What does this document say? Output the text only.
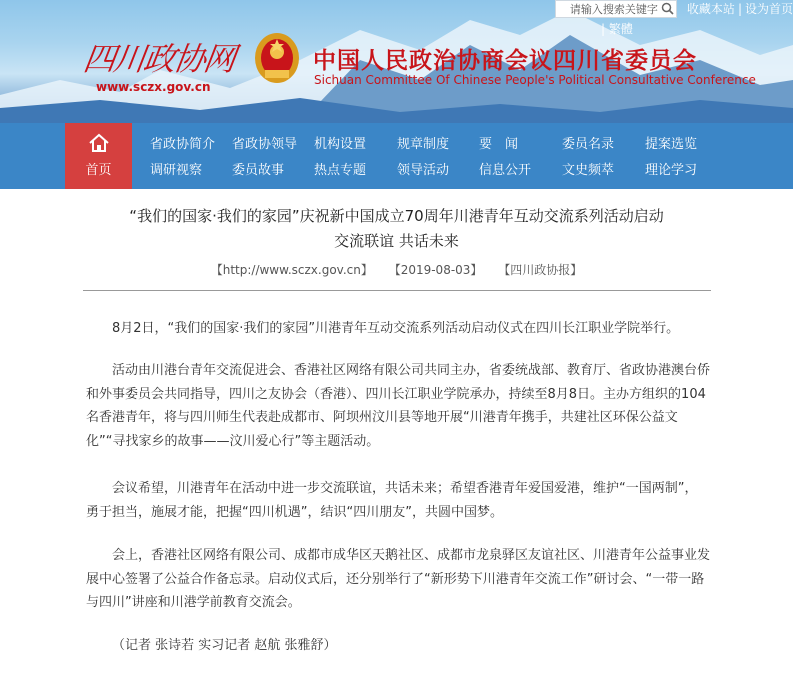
请输入搜索关键字 收藏本站 | 设为首页
| 繁體
四川政协网
www.sczx.gov.cn
中国人民政治协商会议四川省委员会
Sichuan Committee Of Chinese People's Political Consultative Conference
首页
省政协简介 省政协领导 机构设置 规章制度 要　闻	委员名录 提案选览
调研视察 委员故事 热点专题 领导活动 信息公开 文史频萃 理论学习
“我们的国家·我们的家园”庆祝新中国成立70周年川港青年互动交流系列活动启动
交流联谊 共话未来
【http://www.sczx.gov.cn】 【2019-08-03】 【四川政协报】

8月2日，“我们的国家·我们的家园”川港青年互动交流系列活动启动仪式在四川长江职业学院举行。

活动由川港台青年交流促进会、香港社区网络有限公司共同主办，省委统战部、教育厅、省政协港澳台侨和外事委员会共同指导，四川之友协会（香港）、四川长江职业学院承办，持续至8月8日。主办方组织的104名香港青年，将与四川师生代表赴成都市、阿坝州汶川县等地开展“川港青年携手，共建社区环保公益文化”“寻找家乡的故事——汶川爱心行”等主题活动。

会议希望，川港青年在活动中进一步交流联谊，共话未来；希望香港青年爱国爱港，维护“一国两制”，勇于担当，施展才能，把握“四川机遇”，结识“四川朋友”，共圆中国梦。

会上，香港社区网络有限公司、成都市成华区天鹅社区、成都市龙泉驿区友谊社区、川港青年公益事业发展中心签署了公益合作备忘录。启动仪式后，还分别举行了“新形势下川港青年交流工作”研讨会、“一带一路与四川”讲座和川港学前教育交流会。

（记者 张诗若 实习记者 赵航 张雅舒）
